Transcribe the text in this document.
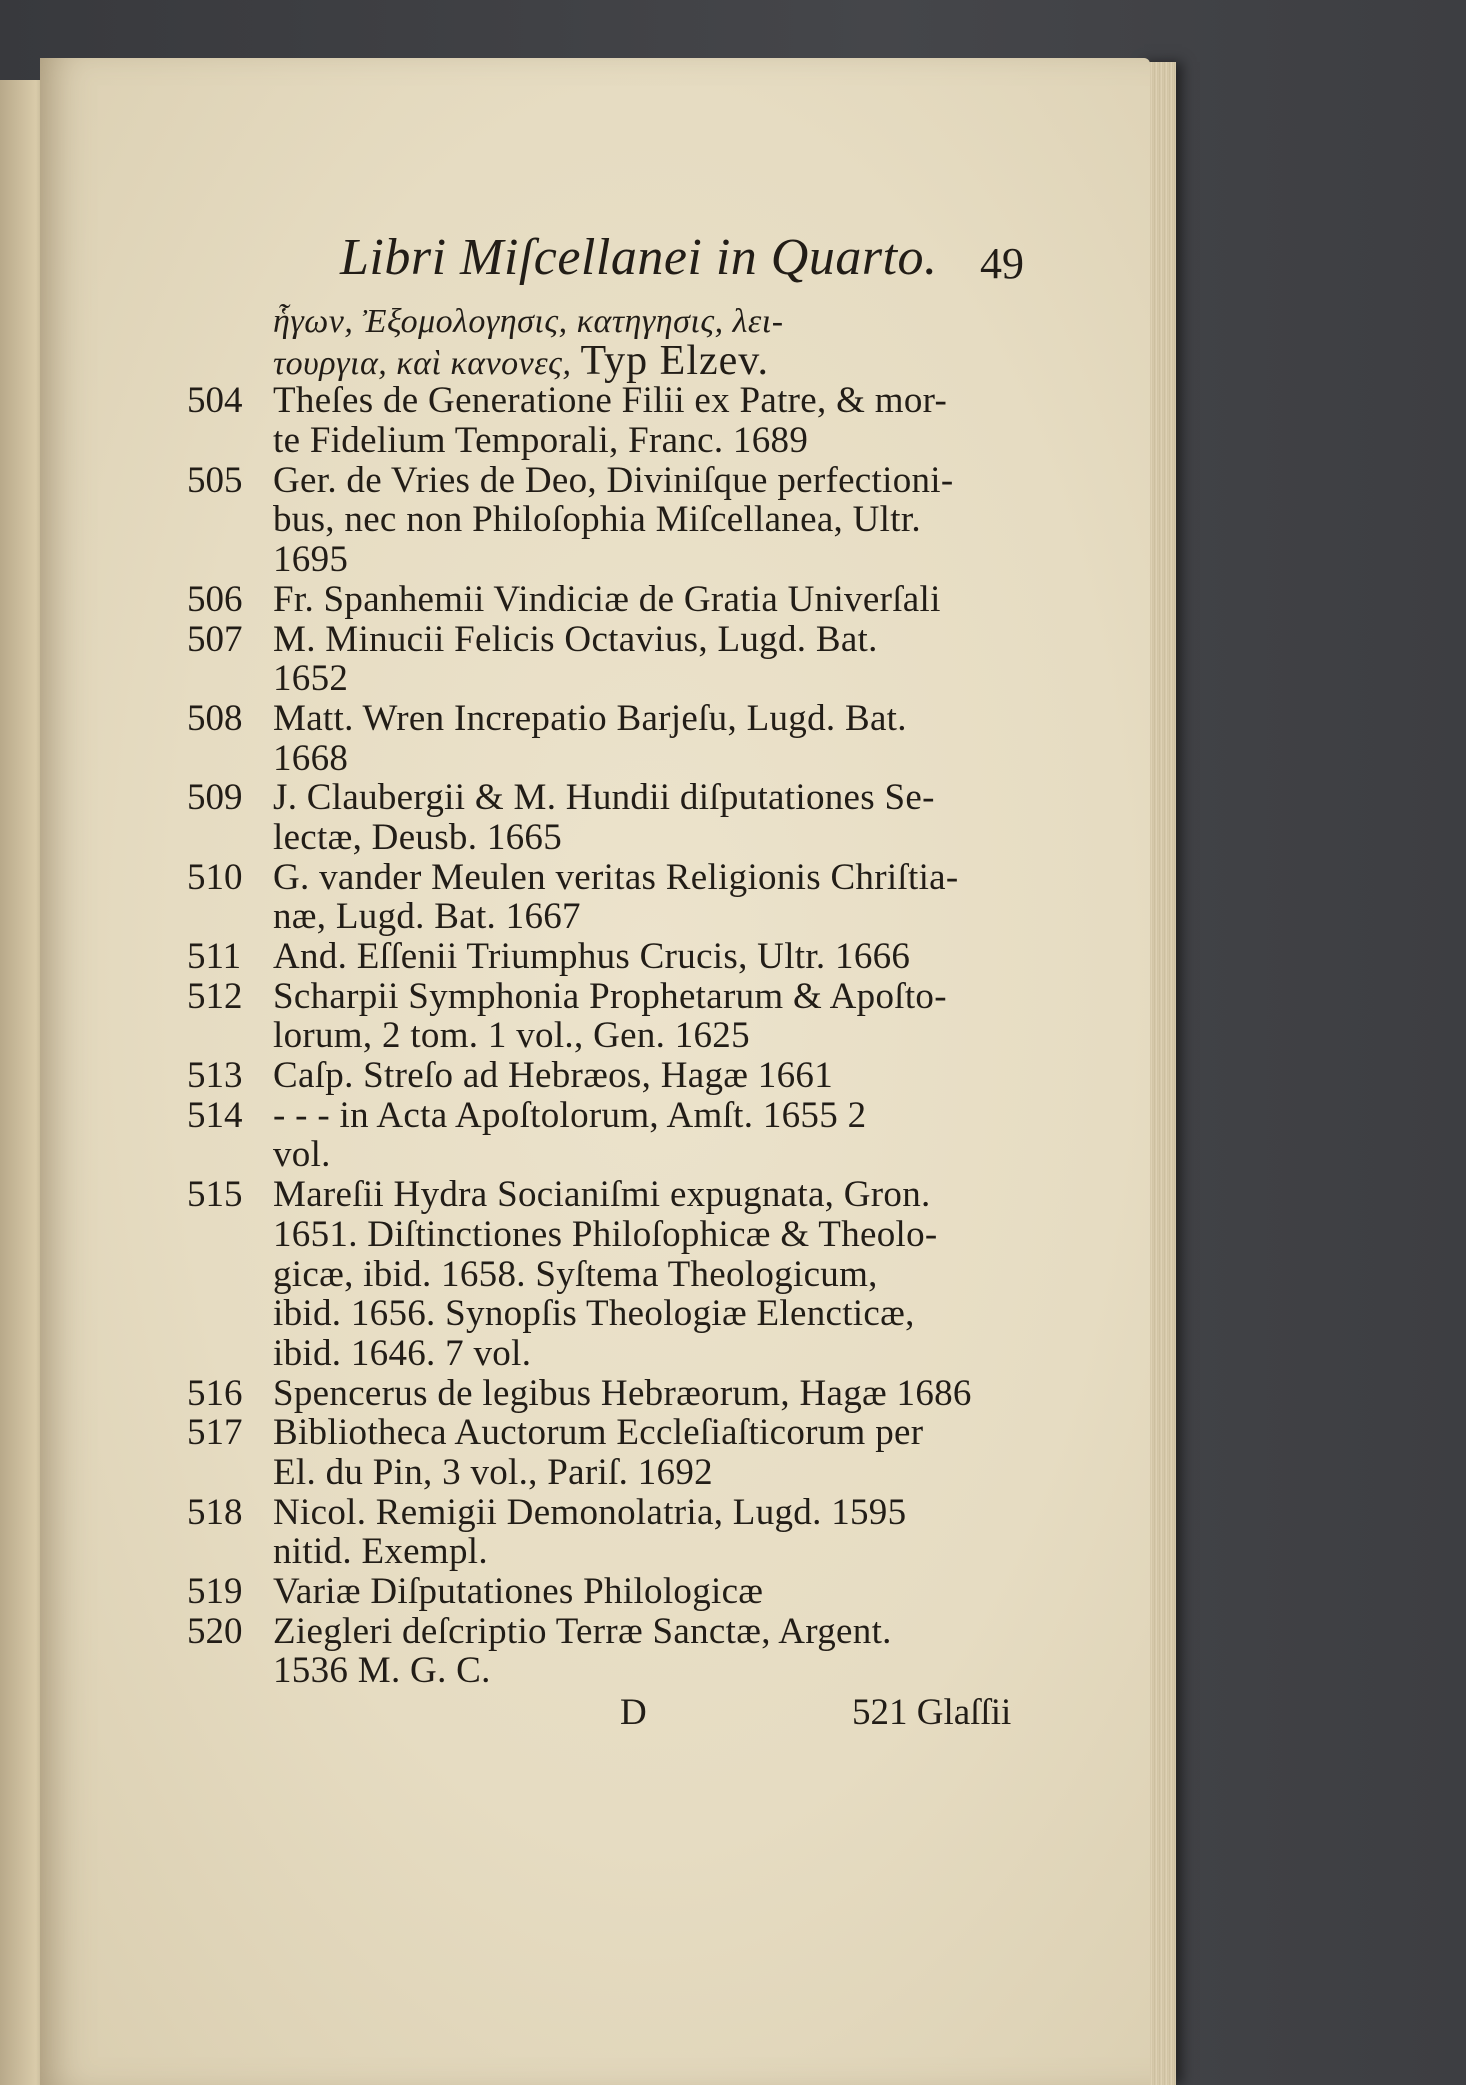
Libri Miſcellanei in Quarto. 49
ἧγων, Ἐξομολογησις, κατηγησις, λει-
τουργια, καὶ κανονες, Typ Elzev.
504 Theſes de Generatione Filii ex Patre, & mor-
te Fidelium Temporali, Franc. 1689
505 Ger. de Vries de Deo, Diviniſque perfectioni-
bus, nec non Philoſophia Miſcellanea, Ultr.
1695
506 Fr. Spanhemii Vindiciæ de Gratia Univerſali
507 M. Minucii Felicis Octavius, Lugd. Bat.
1652
508 Matt. Wren Increpatio Barjeſu, Lugd. Bat.
1668
509 J. Claubergii & M. Hundii diſputationes Se-
lectæ, Deusb. 1665
510 G. vander Meulen veritas Religionis Chriſtia-
næ, Lugd. Bat. 1667
511 And. Eſſenii Triumphus Crucis, Ultr. 1666
512 Scharpii Symphonia Prophetarum & Apoſto-
lorum, 2 tom. 1 vol., Gen. 1625
513 Caſp. Streſo ad Hebræos, Hagæ 1661
514 - - - in Acta Apoſtolorum, Amſt. 1655 2
vol.
515 Mareſii Hydra Socianiſmi expugnata, Gron.
1651. Diſtinctiones Philoſophicæ & Theolo-
gicæ, ibid. 1658. Syſtema Theologicum,
ibid. 1656. Synopſis Theologiæ Elencticæ,
ibid. 1646. 7 vol.
516 Spencerus de legibus Hebræorum, Hagæ 1686
517 Bibliotheca Auctorum Eccleſiaſticorum per
El. du Pin, 3 vol., Pariſ. 1692
518 Nicol. Remigii Demonolatria, Lugd. 1595
nitid. Exempl.
519 Variæ Diſputationes Philologicæ
520 Ziegleri deſcriptio Terræ Sanctæ, Argent.
1536 M. G. C.
D	521 Glaſſii
